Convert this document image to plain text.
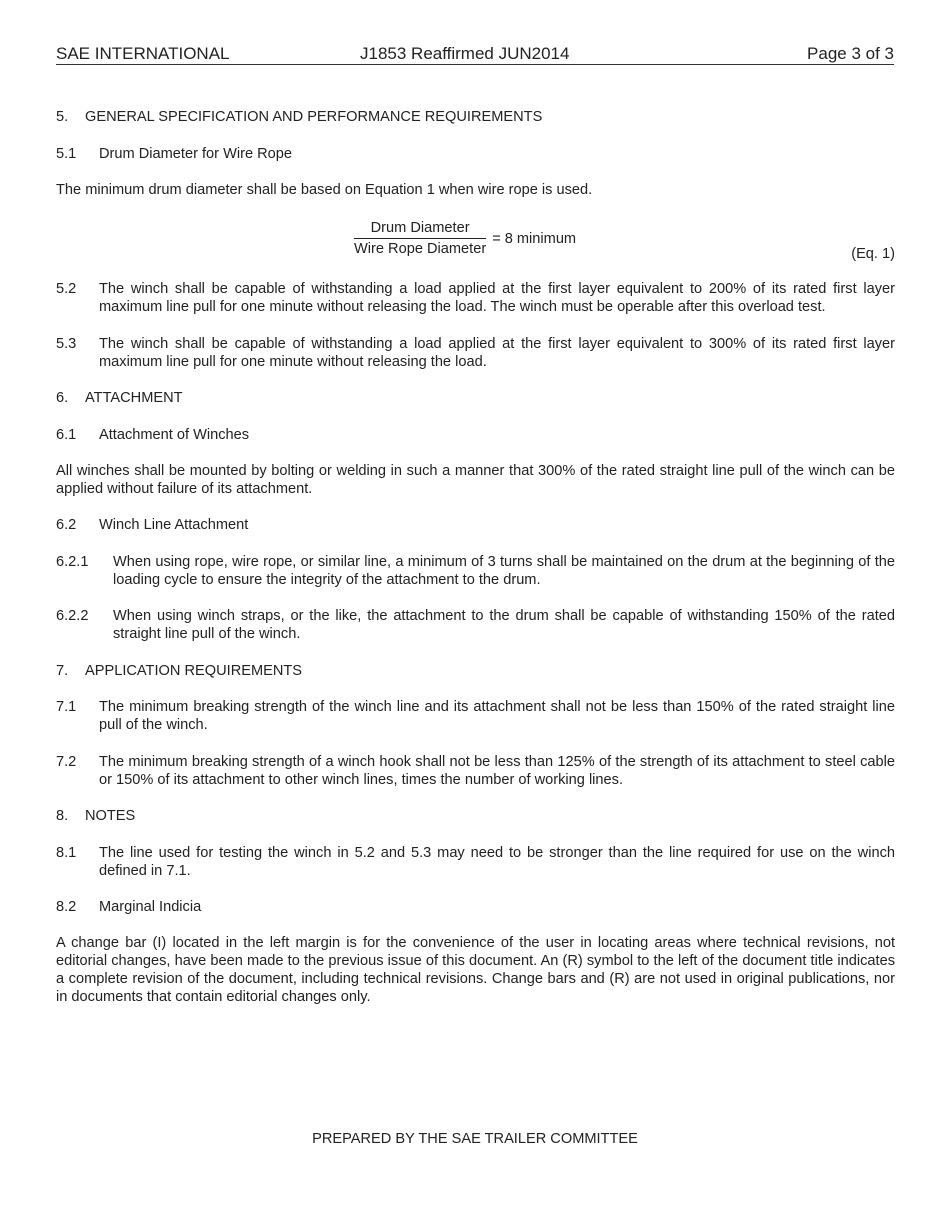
SAE INTERNATIONAL	J1853 Reaffirmed JUN2014	Page 3 of 3
5. GENERAL SPECIFICATION AND PERFORMANCE REQUIREMENTS
5.1 Drum Diameter for Wire Rope
The minimum drum diameter shall be based on Equation 1 when wire rope is used.
$\frac{\text{Drum Diameter}}{\text{Wire Rope Diameter}} = 8$ minimum
(Eq. 1)
5.2	The winch shall be capable of withstanding a load applied at the first layer equivalent to 200% of its rated first layer maximum line pull for one minute without releasing the load. The winch must be operable after this overload test.
5.3	The winch shall be capable of withstanding a load applied at the first layer equivalent to 300% of its rated first layer maximum line pull for one minute without releasing the load.
6. ATTACHMENT
6.1 Attachment of Winches
All winches shall be mounted by bolting or welding in such a manner that 300% of the rated straight line pull of the winch can be applied without failure of its attachment.
6.2 Winch Line Attachment
6.2.1	When using rope, wire rope, or similar line, a minimum of 3 turns shall be maintained on the drum at the beginning of the loading cycle to ensure the integrity of the attachment to the drum.
6.2.2	When using winch straps, or the like, the attachment to the drum shall be capable of withstanding 150% of the rated straight line pull of the winch.
7. APPLICATION REQUIREMENTS
7.1	The minimum breaking strength of the winch line and its attachment shall not be less than 150% of the rated straight line pull of the winch.
7.2	The minimum breaking strength of a winch hook shall not be less than 125% of the strength of its attachment to steel cable or 150% of its attachment to other winch lines, times the number of working lines.
8. NOTES
8.1	The line used for testing the winch in 5.2 and 5.3 may need to be stronger than the line required for use on the winch defined in 7.1.
8.2 Marginal Indicia
A change bar (I) located in the left margin is for the convenience of the user in locating areas where technical revisions, not editorial changes, have been made to the previous issue of this document. An (R) symbol to the left of the document title indicates a complete revision of the document, including technical revisions. Change bars and (R) are not used in original publications, nor in documents that contain editorial changes only.
PREPARED BY THE SAE TRAILER COMMITTEE
